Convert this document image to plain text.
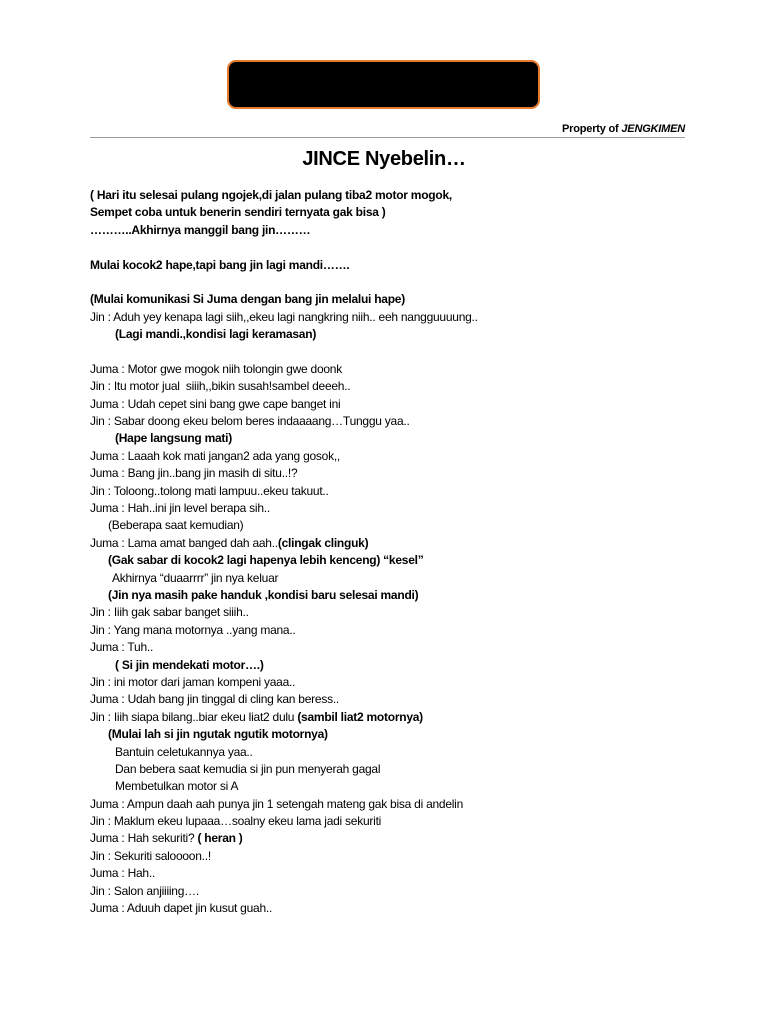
Property of JENGKIMEN
JINCE Nyebelin…
( Hari itu selesai pulang ngojek,di jalan pulang tiba2 motor mogok,
Sempet coba untuk benerin sendiri ternyata gak bisa )
………..Akhirnya manggil bang jin………
Mulai kocok2 hape,tapi bang jin lagi mandi…….
(Mulai komunikasi Si Juma dengan bang jin melalui hape)
Jin : Aduh yey kenapa lagi siih,,ekeu lagi nangkring niih.. eeh nangguuuung..
(Lagi mandi.,kondisi lagi keramasan)
Juma : Motor gwe mogok niih tolongin gwe doonk
Jin : Itu motor jual  siiih,,bikin susah!sambel deeeh..
Juma : Udah cepet sini bang gwe cape banget ini
Jin : Sabar doong ekeu belom beres indaaaang…Tunggu yaa..
(Hape langsung mati)
Juma : Laaah kok mati jangan2 ada yang gosok,,
Juma : Bang jin..bang jin masih di situ..!?
Jin : Toloong..tolong mati lampuu..ekeu takuut..
Juma : Hah..ini jin level berapa sih..
(Beberapa saat kemudian)
Juma : Lama amat banged dah aah..(clingak clinguk)
(Gak sabar di kocok2 lagi hapenya lebih kenceng) “kesel”
Akhirnya “duaarrrr” jin nya keluar
(Jin nya masih pake handuk ,kondisi baru selesai mandi)
Jin : Iiih gak sabar banget siiih..
Jin : Yang mana motornya ..yang mana..
Juma : Tuh..
( Si jin mendekati motor….)
Jin : ini motor dari jaman kompeni yaaa..
Juma : Udah bang jin tinggal di cling kan beress..
Jin : Iiih siapa bilang..biar ekeu liat2 dulu (sambil liat2 motornya)
(Mulai lah si jin ngutak ngutik motornya)
Bantuin celetukannya yaa..
Dan bebera saat kemudia si jin pun menyerah gagal
Membetulkan motor si A
Juma : Ampun daah aah punya jin 1 setengah mateng gak bisa di andelin
Jin : Maklum ekeu lupaaa…soalny ekeu lama jadi sekuriti
Juma : Hah sekuriti? ( heran )
Jin : Sekuriti saloooon..!
Juma : Hah..
Jin : Salon anjiiiing….
Juma : Aduuh dapet jin kusut guah..
